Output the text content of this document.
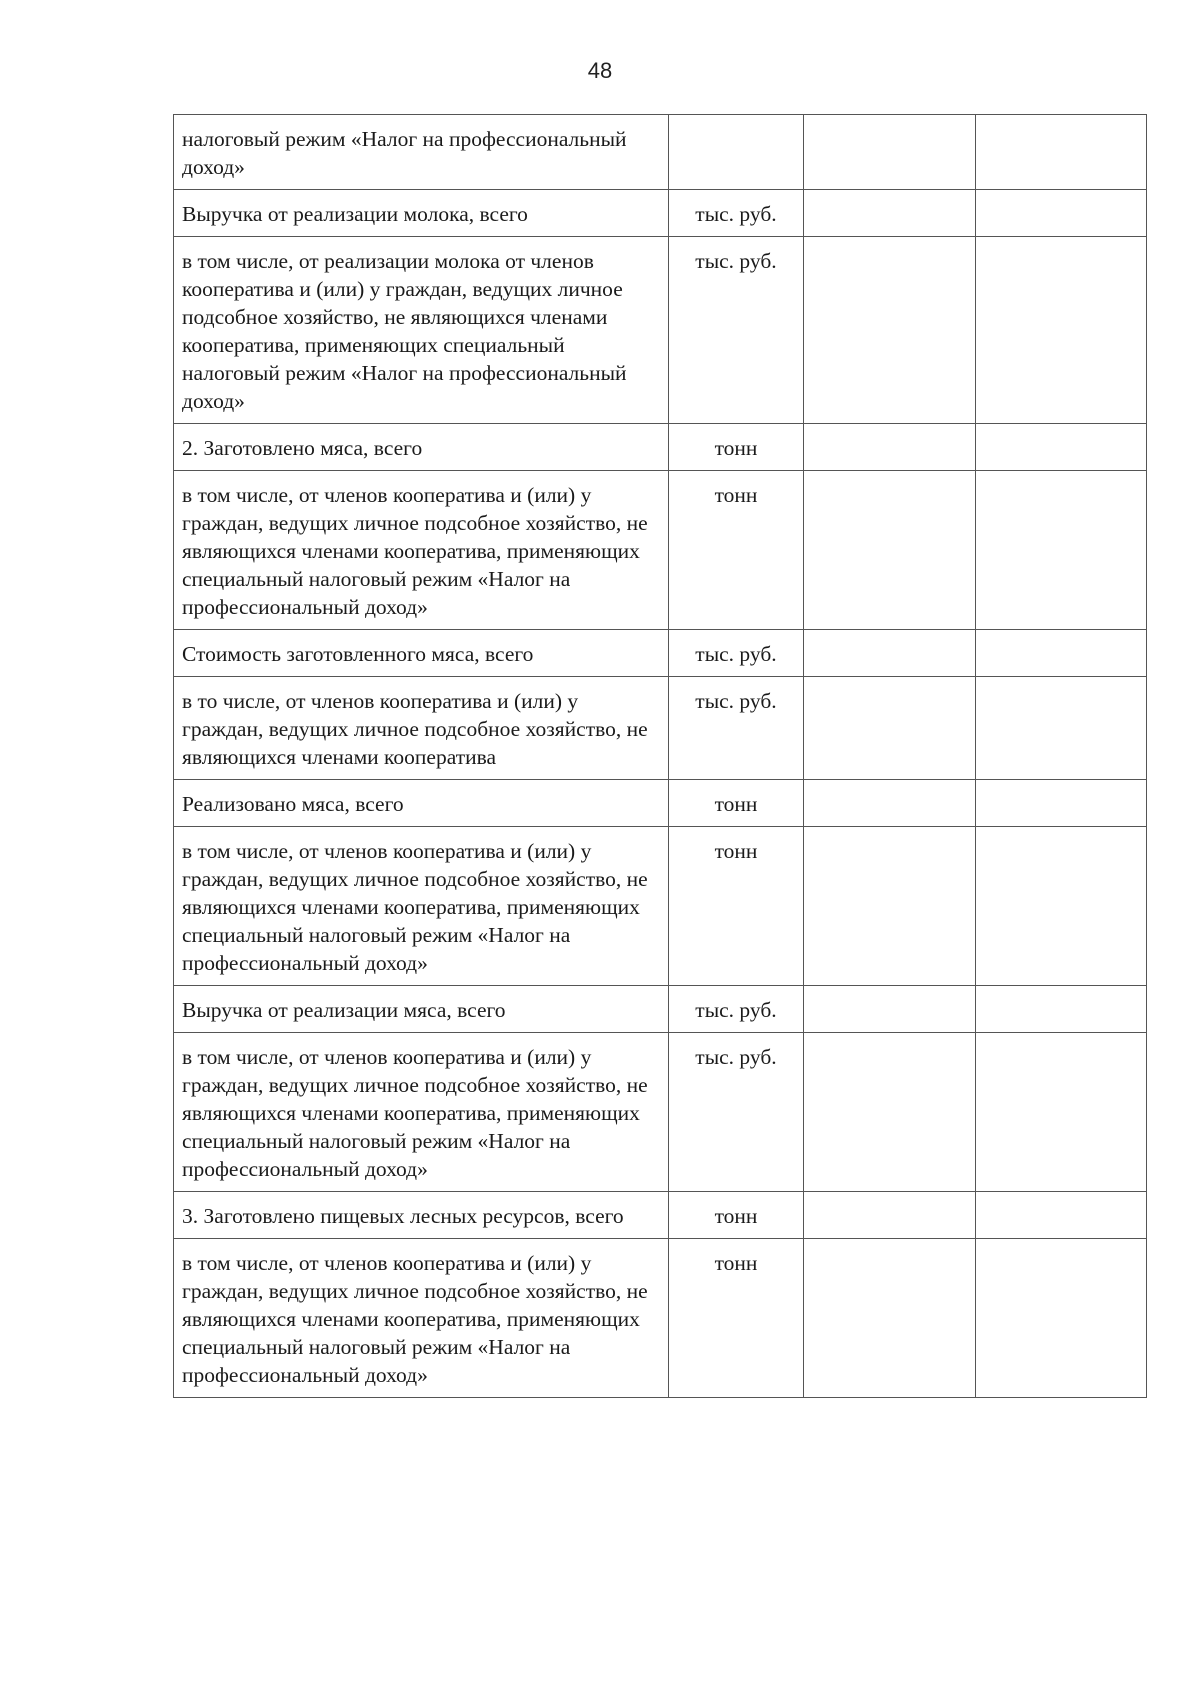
48
налоговый режим «Налог на профессиональный доход»			
Выручка от реализации молока, всего	тыс. руб.		
в том числе, от реализации молока от членов кооператива и (или) у граждан, ведущих личное подсобное хозяйство, не являющихся членами кооператива, применяющих специальный налоговый режим «Налог на профессиональный доход»	тыс. руб.		
2. Заготовлено мяса, всего	тонн		
в том числе, от членов кооператива и (или) у граждан, ведущих личное подсобное хозяйство, не являющихся членами кооператива, применяющих специальный налоговый режим «Налог на профессиональный доход»	тонн		
Стоимость заготовленного мяса, всего	тыс. руб.		
в то числе, от членов кооператива и (или) у граждан, ведущих личное подсобное хозяйство, не являющихся членами кооператива	тыс. руб.		
Реализовано мяса, всего	тонн		
в том числе, от членов кооператива и (или) у граждан, ведущих личное подсобное хозяйство, не являющихся членами кооператива, применяющих специальный налоговый режим «Налог на профессиональный доход»	тонн		
Выручка от реализации мяса, всего	тыс. руб.		
в том числе, от членов кооператива и (или) у граждан, ведущих личное подсобное хозяйство, не являющихся членами кооператива, применяющих специальный налоговый режим «Налог на профессиональный доход»	тыс. руб.		
3. Заготовлено пищевых лесных ресурсов, всего	тонн		
в том числе, от членов кооператива и (или) у граждан, ведущих личное подсобное хозяйство, не являющихся членами кооператива, применяющих специальный налоговый режим «Налог на профессиональный доход»	тонн		
